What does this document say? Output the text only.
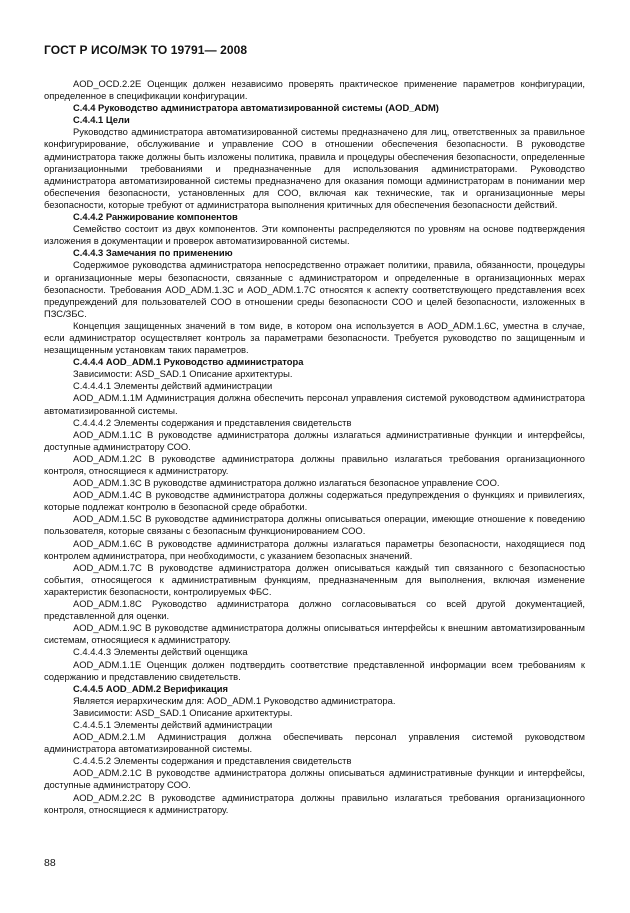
ГОСТ Р ИСО/МЭК ТО 19791— 2008

AOD_OCD.2.2E Оценщик должен независимо проверять практическое применение параметров конфигурации, определенное в спецификации конфигурации.

С.4.4 Руководство администратора автоматизированной системы (AOD_ADM)

С.4.4.1 Цели

Руководство администратора автоматизированной системы предназначено для лиц, ответственных за правильное конфигурирование, обслуживание и управление СОО в отношении обеспечения безопасности. В руководстве администратора также должны быть изложены политика, правила и процедуры обеспечения безопасности, определенные организационными требованиями и предназначенные для использования администраторами. Руководство администратора автоматизированной системы предназначено для оказания помощи администраторам в понимании мер обеспечения безопасности, установленных для СОО, включая как технические, так и организационные меры безопасности, которые требуют от администратора выполнения критичных для обеспечения безопасности действий.

С.4.4.2 Ранжирование компонентов

Семейство состоит из двух компонентов. Эти компоненты распределяются по уровням на основе подтверждения изложения в документации и проверок автоматизированной системы.

С.4.4.3 Замечания по применению

Содержимое руководства администратора непосредственно отражает политики, правила, обязанности, процедуры и организационные меры безопасности, связанные с администратором и определенные в организационных мерах безопасности. Требования AOD_ADM.1.3С и AOD_ADM.1.7С относятся к аспекту соответствующего представления всех предупреждений для пользователей СОО в отношении среды безопасности СОО и целей безопасности, изложенных в ПЗС/ЗБС.

Концепция защищенных значений в том виде, в котором она используется в AOD_ADM.1.6С, уместна в случае, если администратор осуществляет контроль за параметрами безопасности. Требуется руководство по защищенным и незащищенным установкам таких параметров.

С.4.4.4 AOD_ADM.1 Руководство администратора

Зависимости: ASD_SAD.1 Описание архитектуры.

С.4.4.4.1 Элементы действий администрации

AOD_ADM.1.1M Администрация должна обеспечить персонал управления системой руководством администратора автоматизированной системы.

С.4.4.4.2 Элементы содержания и представления свидетельств

AOD_ADM.1.1С В руководстве администратора должны излагаться административные функции и интерфейсы, доступные администратору СОО.

AOD_ADM.1.2С В руководстве администратора должны правильно излагаться требования организационного контроля, относящиеся к администратору.

AOD_ADM.1.3С В руководстве администратора должно излагаться безопасное управление СОО.

AOD_ADM.1.4С В руководстве администратора должны содержаться предупреждения о функциях и привилегиях, которые подлежат контролю в безопасной среде обработки.

AOD_ADM.1.5С В руководстве администратора должны описываться операции, имеющие отношение к поведению пользователя, которые связаны с безопасным функционированием СОО.

AOD_ADM.1.6С В руководстве администратора должны излагаться параметры безопасности, находящиеся под контролем администратора, при необходимости, с указанием безопасных значений.

AOD_ADM.1.7С В руководстве администратора должен описываться каждый тип связанного с безопасностью события, относящегося к административным функциям, предназначенным для выполнения, включая изменение характеристик безопасности, контролируемых ФБС.

AOD_ADM.1.8С Руководство администратора должно согласовываться со всей другой документацией, представленной для оценки.

AOD_ADM.1.9С В руководстве администратора должны описываться интерфейсы к внешним автоматизированным системам, относящиеся к администратору.

С.4.4.4.3 Элементы действий оценщика

AOD_ADM.1.1E Оценщик должен подтвердить соответствие представленной информации всем требованиям к содержанию и представлению свидетельств.

С.4.4.5 AOD_ADM.2 Верификация

Является иерархическим для: AOD_ADM.1 Руководство администратора.

Зависимости: ASD_SAD.1 Описание архитектуры.

С.4.4.5.1 Элементы действий администрации

AOD_ADM.2.1.M Администрация должна обеспечивать персонал управления системой руководством администратора автоматизированной системы.

С.4.4.5.2 Элементы содержания и представления свидетельств

AOD_ADM.2.1С В руководстве администратора должны описываться административные функции и интерфейсы, доступные администратору СОО.

AOD_ADM.2.2С В руководстве администратора должны правильно излагаться требования организационного контроля, относящиеся к администратору.

88
